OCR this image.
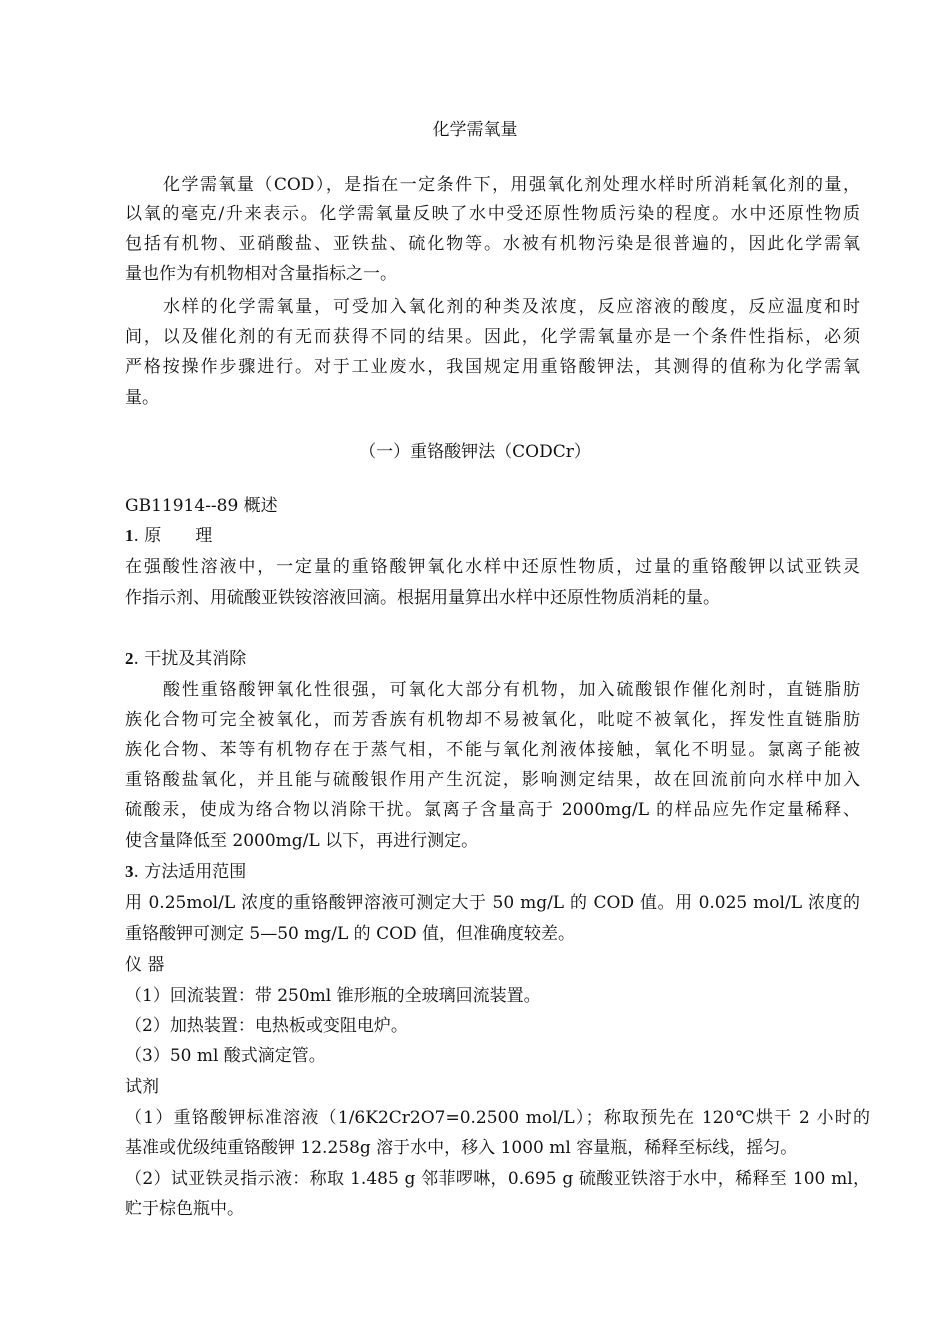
化学需氧量
化学需氧量（COD），是指在一定条件下，用强氧化剂处理水样时所消耗氧化剂的量，
以氧的毫克/升来表示。化学需氧量反映了水中受还原性物质污染的程度。水中还原性物质
包括有机物、亚硝酸盐、亚铁盐、硫化物等。水被有机物污染是很普遍的，因此化学需氧
量也作为有机物相对含量指标之一。
水样的化学需氧量，可受加入氧化剂的种类及浓度，反应溶液的酸度，反应温度和时
间，以及催化剂的有无而获得不同的结果。因此，化学需氧量亦是一个条件性指标，必须
严格按操作步骤进行。对于工业废水，我国规定用重铬酸钾法，其测得的值称为化学需氧
量。
（一）重铬酸钾法（CODCr）
GB11914--89 概述
1. 原　　理
在强酸性溶液中，一定量的重铬酸钾氧化水样中还原性物质，过量的重铬酸钾以试亚铁灵
作指示剂、用硫酸亚铁铵溶液回滴。根据用量算出水样中还原性物质消耗的量。
2. 干扰及其消除
酸性重铬酸钾氧化性很强，可氧化大部分有机物，加入硫酸银作催化剂时，直链脂肪
族化合物可完全被氧化，而芳香族有机物却不易被氧化，吡啶不被氧化，挥发性直链脂肪
族化合物、苯等有机物存在于蒸气相，不能与氧化剂液体接触，氧化不明显。氯离子能被
重铬酸盐氧化，并且能与硫酸银作用产生沉淀，影响测定结果，故在回流前向水样中加入
硫酸汞，使成为络合物以消除干扰。氯离子含量高于 2000mg/L 的样品应先作定量稀释、
使含量降低至 2000mg/L 以下，再进行测定。
3. 方法适用范围
用 0.25mol/L 浓度的重铬酸钾溶液可测定大于 50 mg/L 的 COD 值。用 0.025 mol/L 浓度的
重铬酸钾可测定 5—50 mg/L 的 COD 值，但准确度较差。
仪 器
（1）回流装置：带 250ml 锥形瓶的全玻璃回流装置。
（2）加热装置：电热板或变阻电炉。
（3）50 ml 酸式滴定管。
试剂
（1）重铬酸钾标准溶液（1/6K2Cr2O7=0.2500 mol/L）；称取预先在 120℃烘干 2 小时的
基准或优级纯重铬酸钾 12.258g 溶于水中，移入 1000 ml 容量瓶，稀释至标线，摇匀。
（2）试亚铁灵指示液：称取 1.485 g 邻菲啰啉，0.695 g 硫酸亚铁溶于水中，稀释至 100 ml，
贮于棕色瓶中。
